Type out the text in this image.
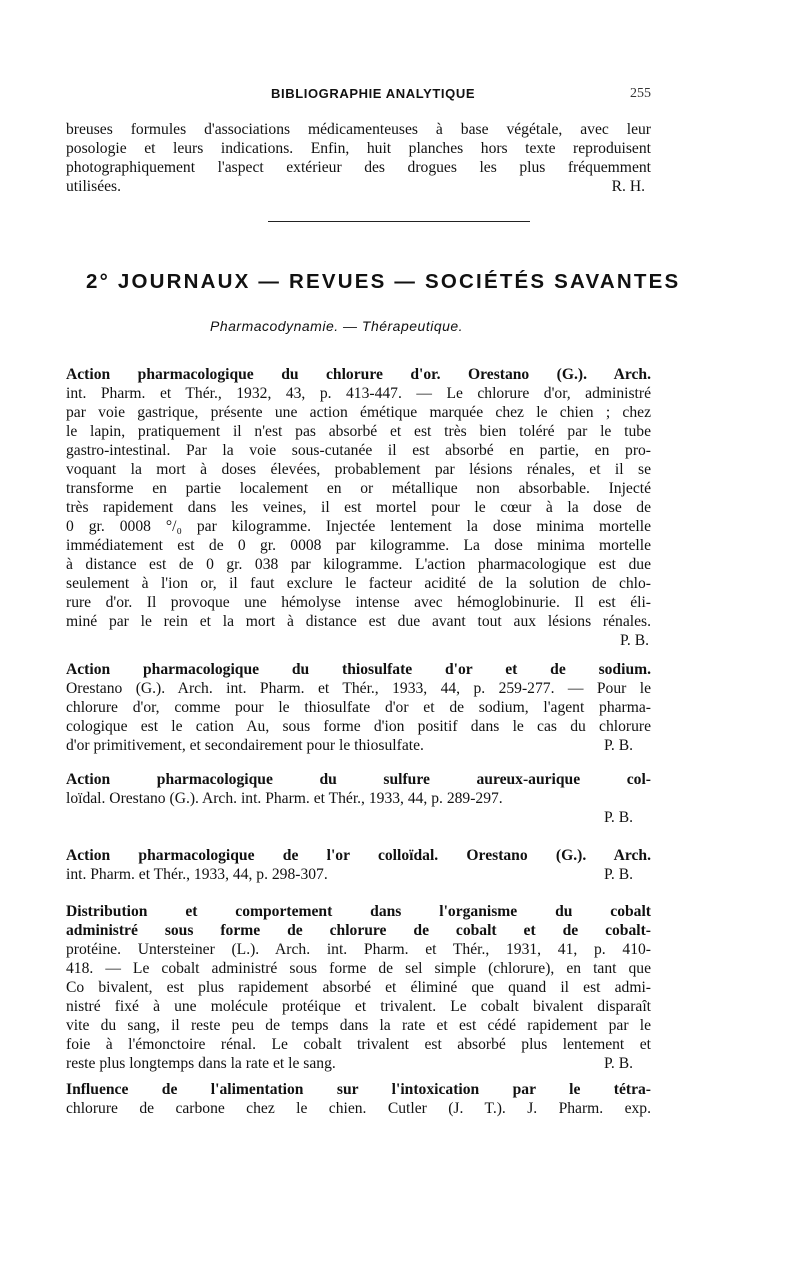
BIBLIOGRAPHIE ANALYTIQUE	255
breuses formules d'associations médicamenteuses à base végétale, avec leur
posologie et leurs indications. Enfin, huit planches hors texte reproduisent
photographiquement l'aspect extérieur des drogues les plus fréquemment
utilisées.	R. H.
2° JOURNAUX — REVUES — SOCIÉTÉS SAVANTES
Pharmacodynamie. — Thérapeutique.
Action pharmacologique du chlorure d'or. Orestano (G.). Arch.
int. Pharm. et Thér., 1932, 43, p. 413-447. — Le chlorure d'or, administré
par voie gastrique, présente une action émétique marquée chez le chien ; chez
le lapin, pratiquement il n'est pas absorbé et est très bien toléré par le tube
gastro-intestinal. Par la voie sous-cutanée il est absorbé en partie, en pro-
voquant la mort à doses élevées, probablement par lésions rénales, et il se
transforme en partie localement en or métallique non absorbable. Injecté
très rapidement dans les veines, il est mortel pour le cœur à la dose de
0 gr. 0008 °/₀ par kilogramme. Injectée lentement la dose minima mortelle
immédiatement est de 0 gr. 0008 par kilogramme. La dose minima mortelle
à distance est de 0 gr. 038 par kilogramme. L'action pharmacologique est due
seulement à l'ion or, il faut exclure le facteur acidité de la solution de chlo-
rure d'or. Il provoque une hémolyse intense avec hémoglobinurie. Il est éli-
miné par le rein et la mort à distance est due avant tout aux lésions rénales.
P. B.
Action pharmacologique du thiosulfate d'or et de sodium.
Orestano (G.). Arch. int. Pharm. et Thér., 1933, 44, p. 259-277. — Pour le
chlorure d'or, comme pour le thiosulfate d'or et de sodium, l'agent pharma-
cologique est le cation Au, sous forme d'ion positif dans le cas du chlorure
d'or primitivement, et secondairement pour le thiosulfate.	P. B.
Action pharmacologique du sulfure aureux-aurique col-
loïdal. Orestano (G.). Arch. int. Pharm. et Thér., 1933, 44, p. 289-297.
P. B.
Action pharmacologique de l'or colloïdal. Orestano (G.). Arch.
int. Pharm. et Thér., 1933, 44, p. 298-307.	P. B.
Distribution et comportement dans l'organisme du cobalt
administré sous forme de chlorure de cobalt et de cobalt-
protéine. Untersteiner (L.). Arch. int. Pharm. et Thér., 1931, 41, p. 410-
418. — Le cobalt administré sous forme de sel simple (chlorure), en tant que
Co bivalent, est plus rapidement absorbé et éliminé que quand il est admi-
nistré fixé à une molécule protéique et trivalent. Le cobalt bivalent disparaît
vite du sang, il reste peu de temps dans la rate et est cédé rapidement par le
foie à l'émonctoire rénal. Le cobalt trivalent est absorbé plus lentement et
reste plus longtemps dans la rate et le sang.	P. B.
Influence de l'alimentation sur l'intoxication par le tétra-
chlorure de carbone chez le chien. Cutler (J. T.). J. Pharm. exp.
